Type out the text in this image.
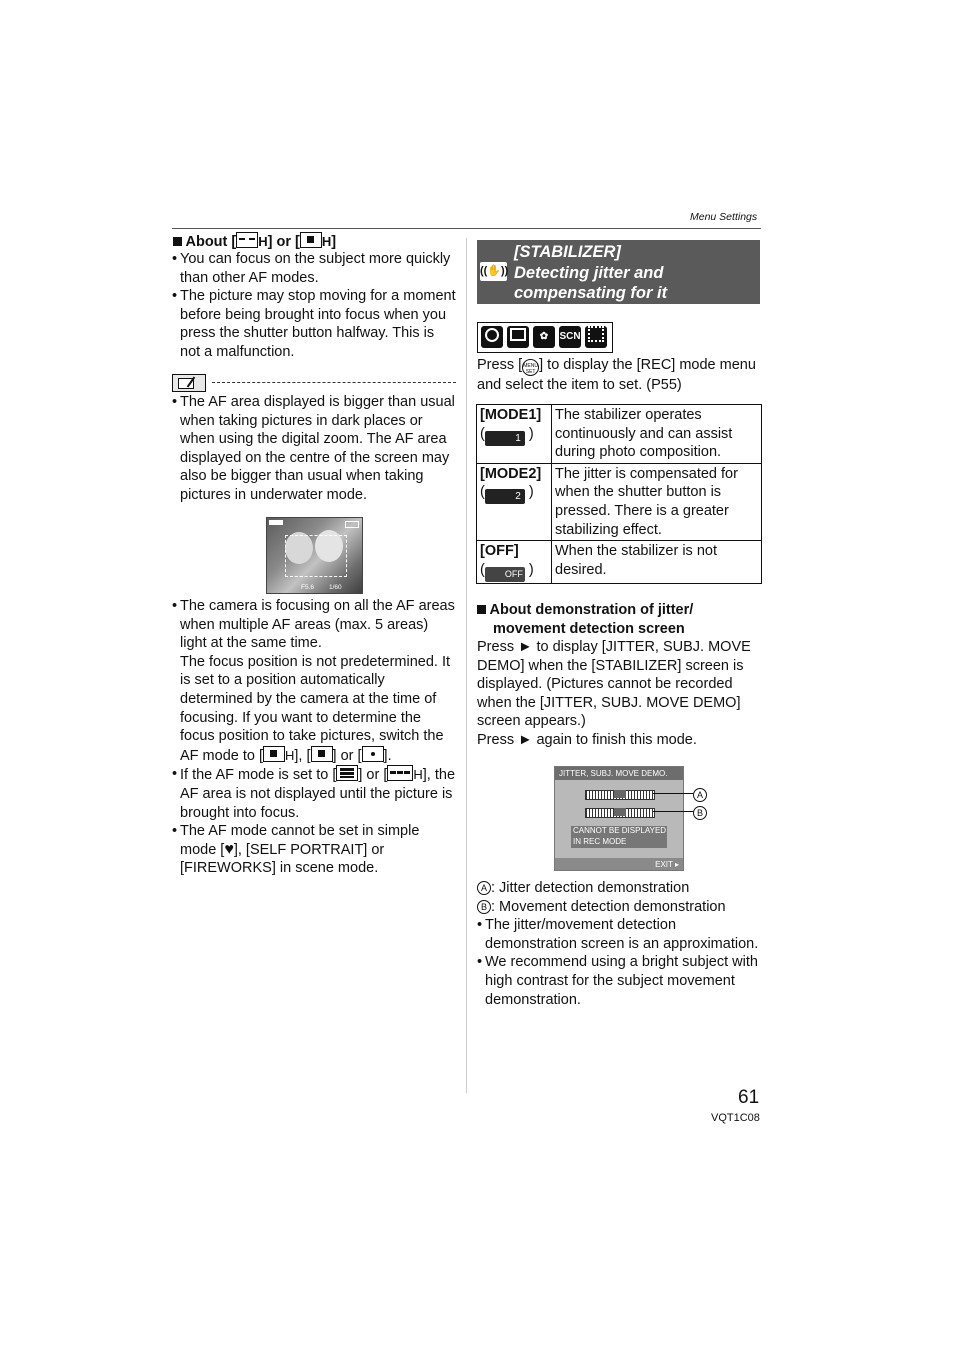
Menu Settings
About [ H] or [ H]
• You can focus on the subject more quickly than other AF modes.
• The picture may stop moving for a moment before being brought into focus when you press the shutter button halfway. This is not a malfunction.
• The AF area displayed is bigger than usual when taking pictures in dark places or when using the digital zoom. The AF area displayed on the centre of the screen may also be bigger than usual when taking pictures in underwater mode.
F5.6 1/60
• The camera is focusing on all the AF areas when multiple AF areas (max. 5 areas) light at the same time.
The focus position is not predetermined. It is set to a position automatically determined by the camera at the time of focusing. If you want to determine the focus position to take pictures, switch the AF mode to [ H], [ ] or [ ].
• If the AF mode is set to [ ] or [ H], the AF area is not displayed until the picture is brought into focus.
• The AF mode cannot be set in simple mode [♥], [SELF PORTRAIT] or [FIREWORKS] in scene mode.
((✋))
[STABILIZER]
Detecting jitter and
compensating for it
✿	SCN
Press [MENU SET ] to display the [REC] mode menu and select the item to set. (P55)
[MODE1]
( 1 )	The stabilizer operates continuously and can assist during photo composition.
[MODE2]
( 2 )	The jitter is compensated for when the shutter button is pressed. There is a greater stabilizing effect.
[OFF]
( OFF )	When the stabilizer is not desired.
About demonstration of jitter/
movement detection screen
Press ► to display [JITTER, SUBJ. MOVE DEMO] when the [STABILIZER] screen is displayed. (Pictures cannot be recorded when the [JITTER, SUBJ. MOVE DEMO] screen appears.)
Press ► again to finish this mode.
JITTER, SUBJ. MOVE DEMO.
CANNOT BE DISPLAYED
IN REC MODE
EXIT ▸
A
B
A : Jitter detection demonstration
B : Movement detection demonstration
• The jitter/movement detection demonstration screen is an approximation.
• We recommend using a bright subject with high contrast for the subject movement demonstration.
61
VQT1C08
